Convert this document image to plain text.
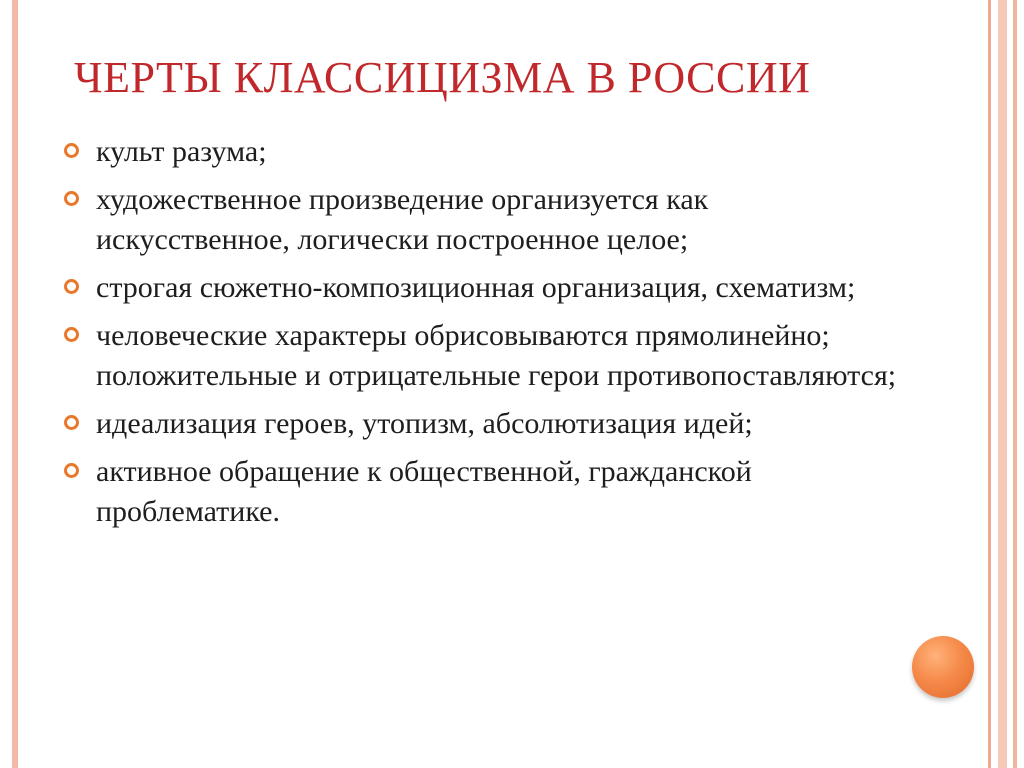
ЧЕРТЫ КЛАССИЦИЗМА В РОССИИ
культ разума;
художественное произведение организуется как искусственное, логически построенное целое;
строгая сюжетно-композиционная организация, схематизм;
человеческие характеры обрисовываются прямолинейно; положительные и отрицательные герои противопоставляются;
идеализация героев, утопизм, абсолютизация идей;
активное обращение к общественной, гражданской проблематике.
